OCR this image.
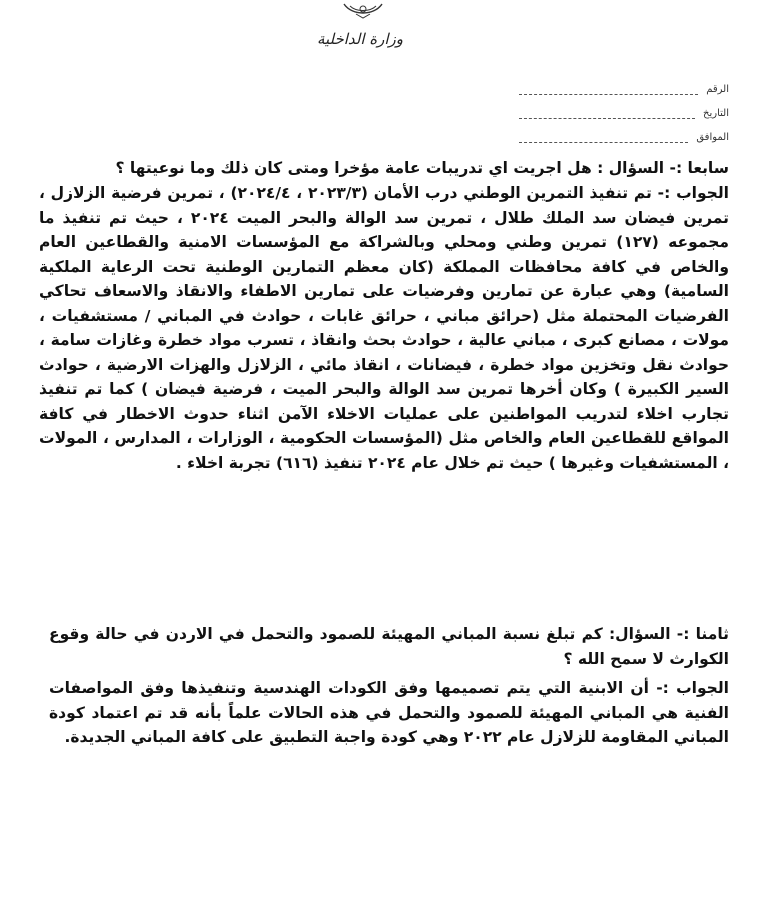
وزارة الداخلية
الرقم
التاريخ
الموافق
سابعا :- السؤال : هل اجريت اي تدريبات عامة مؤخرا ومتى كان ذلك وما نوعيتها ؟
الجواب :- تم تنفيذ التمرين الوطني درب الأمان (٢٠٢٣/٣ ، ٢٠٢٤/٤) ، تمرين فرضية الزلازل ، تمرين فيضان سد الملك طلال ، تمرين سد الوالة والبحر الميت ٢٠٢٤ ، حيث تم تنفيذ ما مجموعه (١٢٧) تمرين وطني ومحلي وبالشراكة مع المؤسسات الامنية والقطاعين العام والخاص في كافة محافظات المملكة (كان معظم التمارين الوطنية تحت الرعاية الملكية السامية) وهي عبارة عن تمارين وفرضيات على تمارين الاطفاء والانقاذ والاسعاف تحاكي الفرضيات المحتملة مثل (حرائق مباني ، حرائق غابات ، حوادث في المباني / مستشفيات ، مولات ، مصانع كبرى ، مباني عالية ، حوادث بحث وانقاذ ، تسرب مواد خطرة وغازات سامة ، حوادث نقل وتخزين مواد خطرة ، فيضانات ، انقاذ مائي ، الزلازل والهزات الارضية ، حوادث السير الكبيرة ) وكان أخرها تمرين سد الوالة والبحر الميت ، فرضية فيضان ) كما تم تنفيذ تجارب اخلاء لتدريب المواطنين على عمليات الاخلاء الآمن اثناء حدوث الاخطار في كافة المواقع للقطاعين العام والخاص مثل (المؤسسات الحكومية ، الوزارات ، المدارس ، المولات ، المستشفيات وغيرها ) حيث تم خلال عام ٢٠٢٤ تنفيذ (٦١٦) تجربة اخلاء .
ثامنا :- السؤال: كم تبلغ نسبة المباني المهيئة للصمود والتحمل في الاردن في حالة وقوع الكوارث لا سمح الله ؟
الجواب :- أن الابنية التي يتم تصميمها وفق الكودات الهندسية وتنفيذها وفق المواصفات الفنية هي المباني المهيئة للصمود والتحمل في هذه الحالات علماً بأنه قد تم اعتماد كودة المباني المقاومة للزلازل عام ٢٠٢٢ وهي كودة واجبة التطبيق على كافة المباني الجديدة.
